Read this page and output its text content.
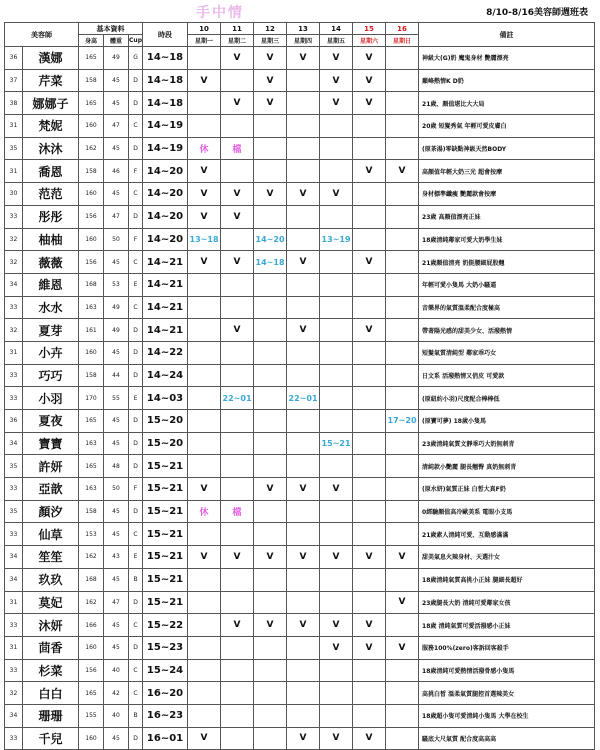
手中情	8/10-8/16美容師週班表
美容師		基本資料			時段	10	11	12	13	14	15	16	備註
		身高	體重	Cup		星期一	星期二	星期三	星期四	星期五	星期六	星期日	
36	漢娜	165	49	G	14~18		V	V	V	V	V		神級大(G)奶 魔鬼身材 艷麗漂亮
37	芹菜	158	45	D	14~18	V		V		V	V		巔峰熱情K D奶
38	娜娜子	165	45	D	14~18		V	V		V	V		21歲、顏值堪比大大局
31	梵妮	160	47	C	14~19								20歲 短髮秀氣 年輕可愛皮膚白
35	沐沐	162	45	D	14~19	休	檔						(原茶湯)零缺點神級天然BODY
31	喬恩	158	46	F	14~20	V					V	V	高顏值年輕大奶三光 超會按摩
30	范范	160	45	C	14~20	V	V	V	V	V			身材標準纖瘦 艷麗款會按摩
33	彤彤	156	47	D	14~20	V	V						23歲 高顏值漂亮正妹
32	柚柚	160	50	F	14~20	13~18		14~20		13~19			18歲清純鄰家可愛大奶學生妹
32	薇薇	156	45	C	14~21	V	V	14~18	V		V		21歲顏值清亮 奶挺腰細屁股翹
34	維恩	168	53	E	14~21								年輕可愛小隻馬 大奶小騷逼
33	水水	163	49	C	14~21								音樂界的氣質溫柔配合度極高
32	夏芽	161	49	D	14~21		V		V		V		帶著陽光感的甜美少女、活潑熱情
31	小卉	160	45	D	14~22								短髮氣質清純型 鄰家乖巧女
33	巧巧	158	44	D	14~24								日文系 活潑熱情又俏皮 可愛款
33	小羽	170	55	E	14~03		22~01		22~01				(原紐約小羽)尺度配合棒棒低
36	夏夜	165	45	D	15~20							17~20	(原寶可夢) 18歲小隻馬
34	寶寶	163	45	D	15~20					15~21			23歲清純氣質文靜乖巧大奶無刺青
35	許妍	165	48	D	15~21								清純款小艷麗 腿長翹臀 真奶無刺青
33	亞歆	163	50	F	15~21	V		V	V	V			(原水妍)氣質正妹 白皙大真F奶
35	顏汐	158	45	D	15~21	休	檔						0經驗顏值高冷歐美系 電眼小支馬
33	仙草	153	45	C	15~21								21歲素人清純可愛、互動感滿滿
34	笙笙	162	43	E	15~21	V	V	V	V	V	V	V	甜美氣息火辣身材、天選汁女
34	玖玖	168	45	B	15~21								18歲清純氣質高挑小正妹 腿細長超好
31	莫妃	162	47	D	15~21							V	23歲腿長大奶 清純可愛鄰家女孩
33	沐妍	166	45	C	15~22		V	V	V	V	V		18歲 清純氣質可愛活潑感小正妹
31	茴香	160	45	D	15~23					V	V	V	服務100%(zero)客訴回客殺手
33	杉菜	156	40	C	15~24								18歲清純可愛熱情活潑骨感小隻馬
32	白白	165	42	C	16~20								高挑白皙 溫柔氣質腿控首選辣美女
34	珊珊	155	40	B	16~23								18歲超小隻可愛清純小隻馬 大學在校生
33	千兒	160	45	D	16~01	V			V	V	V		騷底大尺氣質 配合度高高高
